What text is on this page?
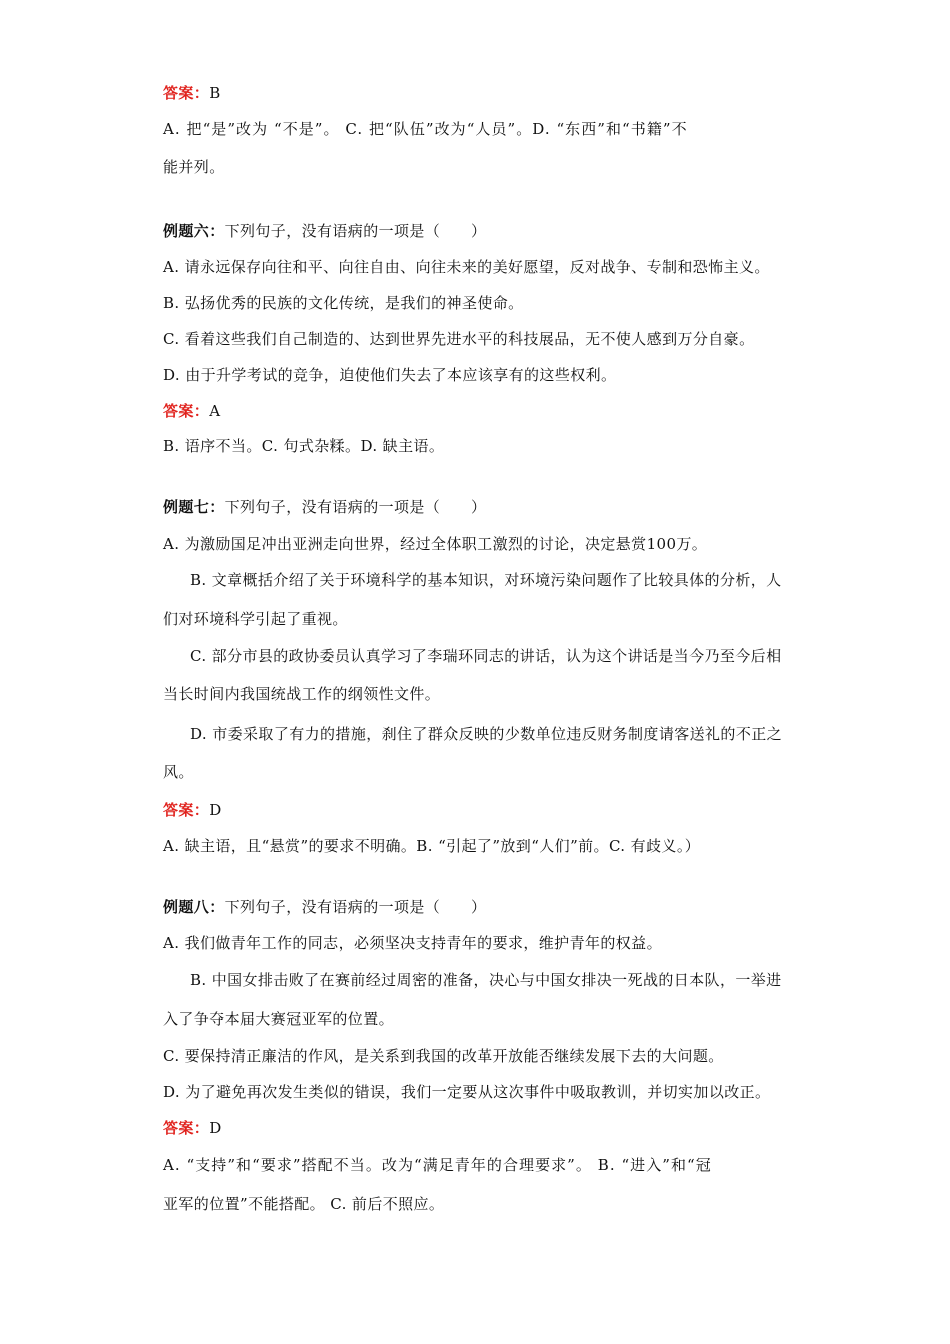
答案：B
A. 把“是”改为 “不是”。 C. 把“队伍”改为“人员”。D. “东西”和“书籍”不
能并列。
例题六：下列句子，没有语病的一项是（　　）
A. 请永远保存向往和平、向往自由、向往未来的美好愿望，反对战争、专制和恐怖主义。
B. 弘扬优秀的民族的文化传统，是我们的神圣使命。
C. 看着这些我们自己制造的、达到世界先进水平的科技展品，无不使人感到万分自豪。
D. 由于升学考试的竞争，迫使他们失去了本应该享有的这些权利。
答案：A
B. 语序不当。C. 句式杂糅。D. 缺主语。
例题七：下列句子，没有语病的一项是（　　）
A. 为激励国足冲出亚洲走向世界，经过全体职工激烈的讨论，决定悬赏100万。
B. 文章概括介绍了关于环境科学的基本知识，对环境污染问题作了比较具体的分析，人
们对环境科学引起了重视。
C. 部分市县的政协委员认真学习了李瑞环同志的讲话，认为这个讲话是当今乃至今后相
当长时间内我国统战工作的纲领性文件。
D. 市委采取了有力的措施，刹住了群众反映的少数单位违反财务制度请客送礼的不正之
风。
答案：D
A. 缺主语，且“悬赏”的要求不明确。B. “引起了”放到“人们”前。C. 有歧义。）
例题八：下列句子，没有语病的一项是（　　）
A. 我们做青年工作的同志，必须坚决支持青年的要求，维护青年的权益。
B. 中国女排击败了在赛前经过周密的准备，决心与中国女排决一死战的日本队，一举进
入了争夺本届大赛冠亚军的位置。
C. 要保持清正廉洁的作风，是关系到我国的改革开放能否继续发展下去的大问题。
D. 为了避免再次发生类似的错误，我们一定要从这次事件中吸取教训，并切实加以改正。
答案：D
A. “支持”和“要求”搭配不当。改为“满足青年的合理要求”。 B. “进入”和“冠
亚军的位置”不能搭配。 C. 前后不照应。
